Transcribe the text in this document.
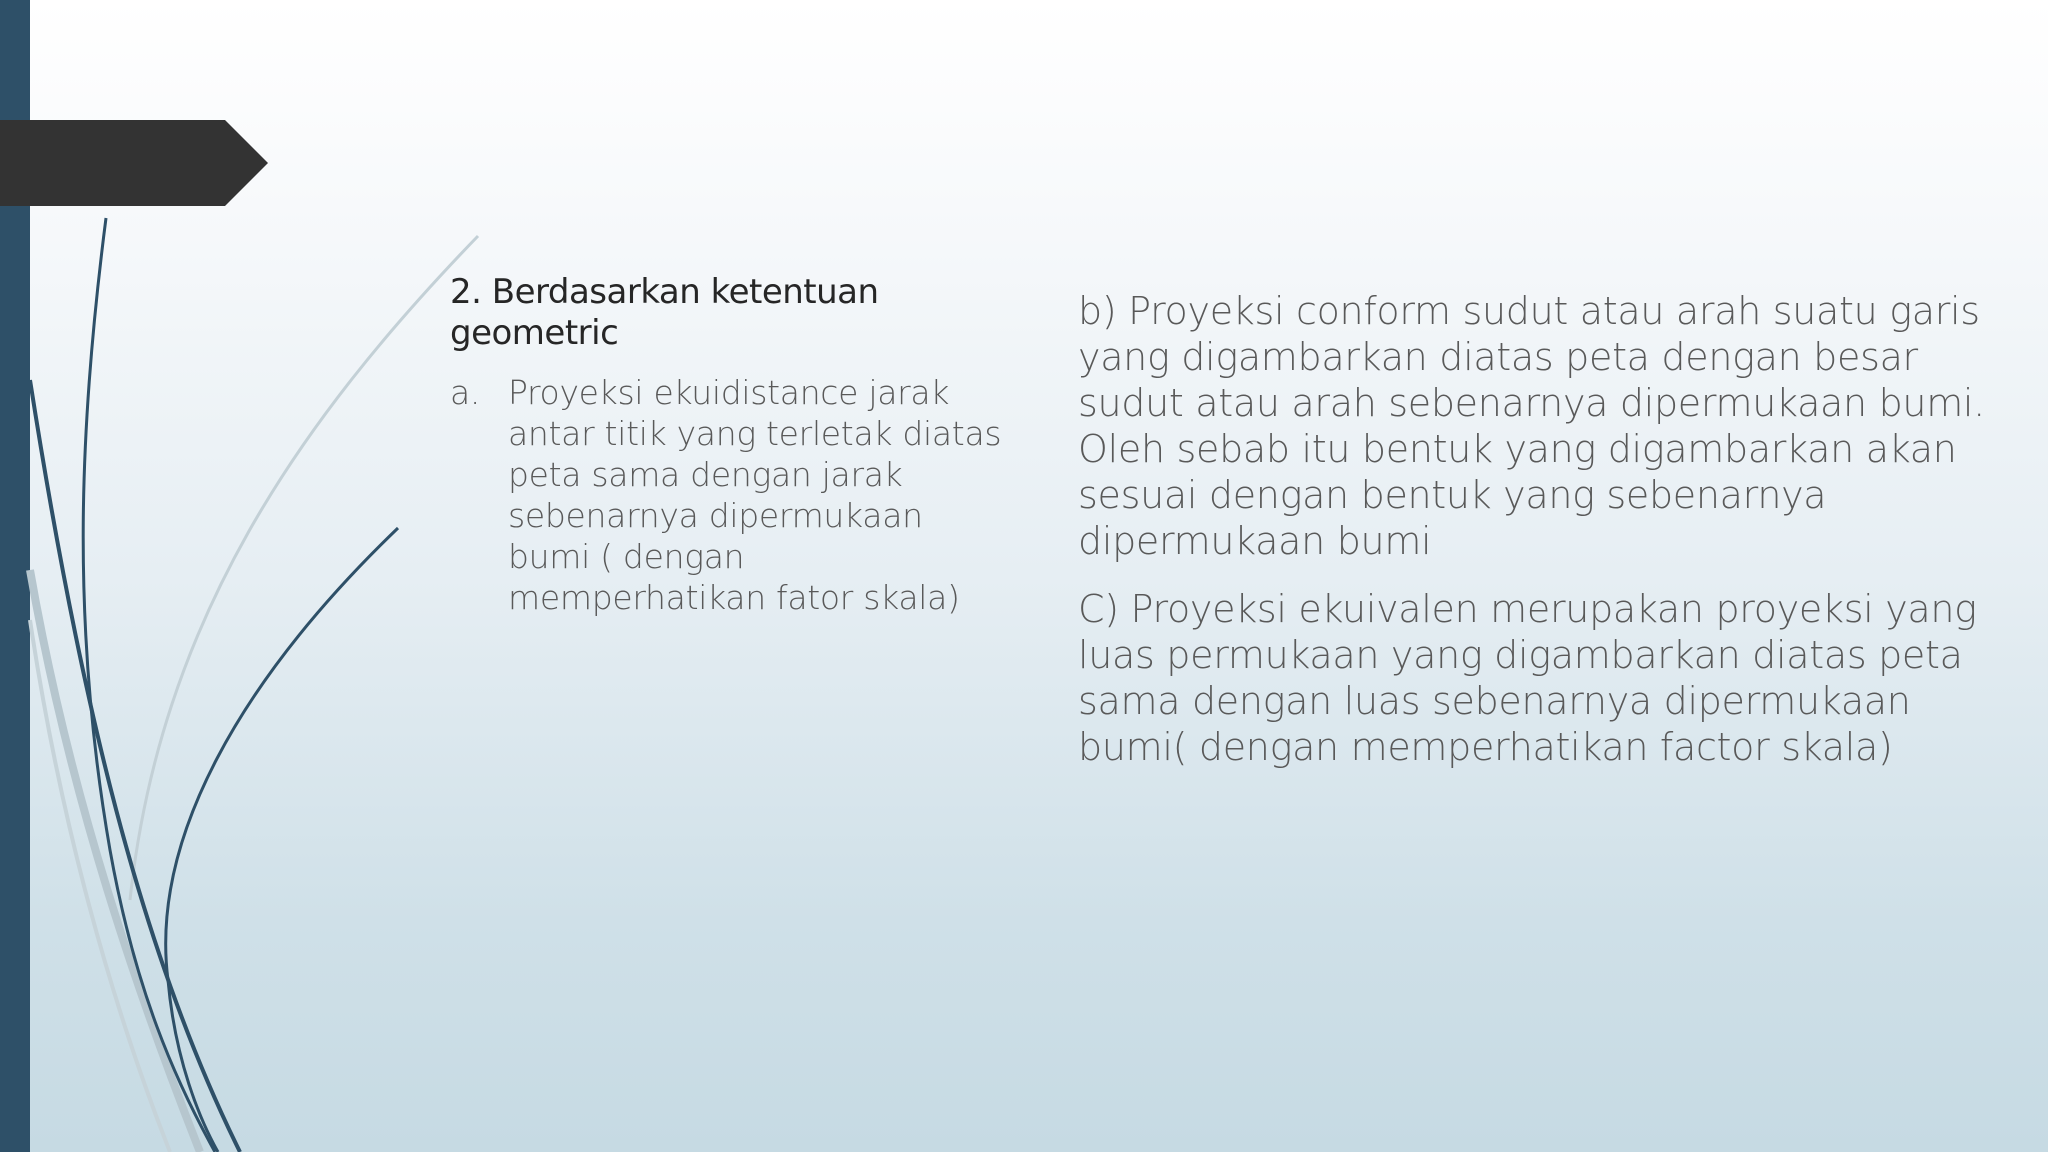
2. Berdasarkan ketentuan geometric
a. Proyeksi ekuidistance jarak antar titik yang terletak diatas peta sama dengan jarak sebenarnya dipermukaan bumi ( dengan memperhatikan fator skala)

b) Proyeksi conform sudut atau arah suatu garis yang digambarkan diatas peta dengan besar sudut atau arah sebenarnya dipermukaan bumi. Oleh sebab itu bentuk yang digambarkan akan sesuai dengan bentuk yang sebenarnya dipermukaan bumi

C) Proyeksi ekuivalen merupakan proyeksi yang luas permukaan yang digambarkan diatas peta sama dengan luas sebenarnya dipermukaan bumi( dengan memperhatikan factor skala)
